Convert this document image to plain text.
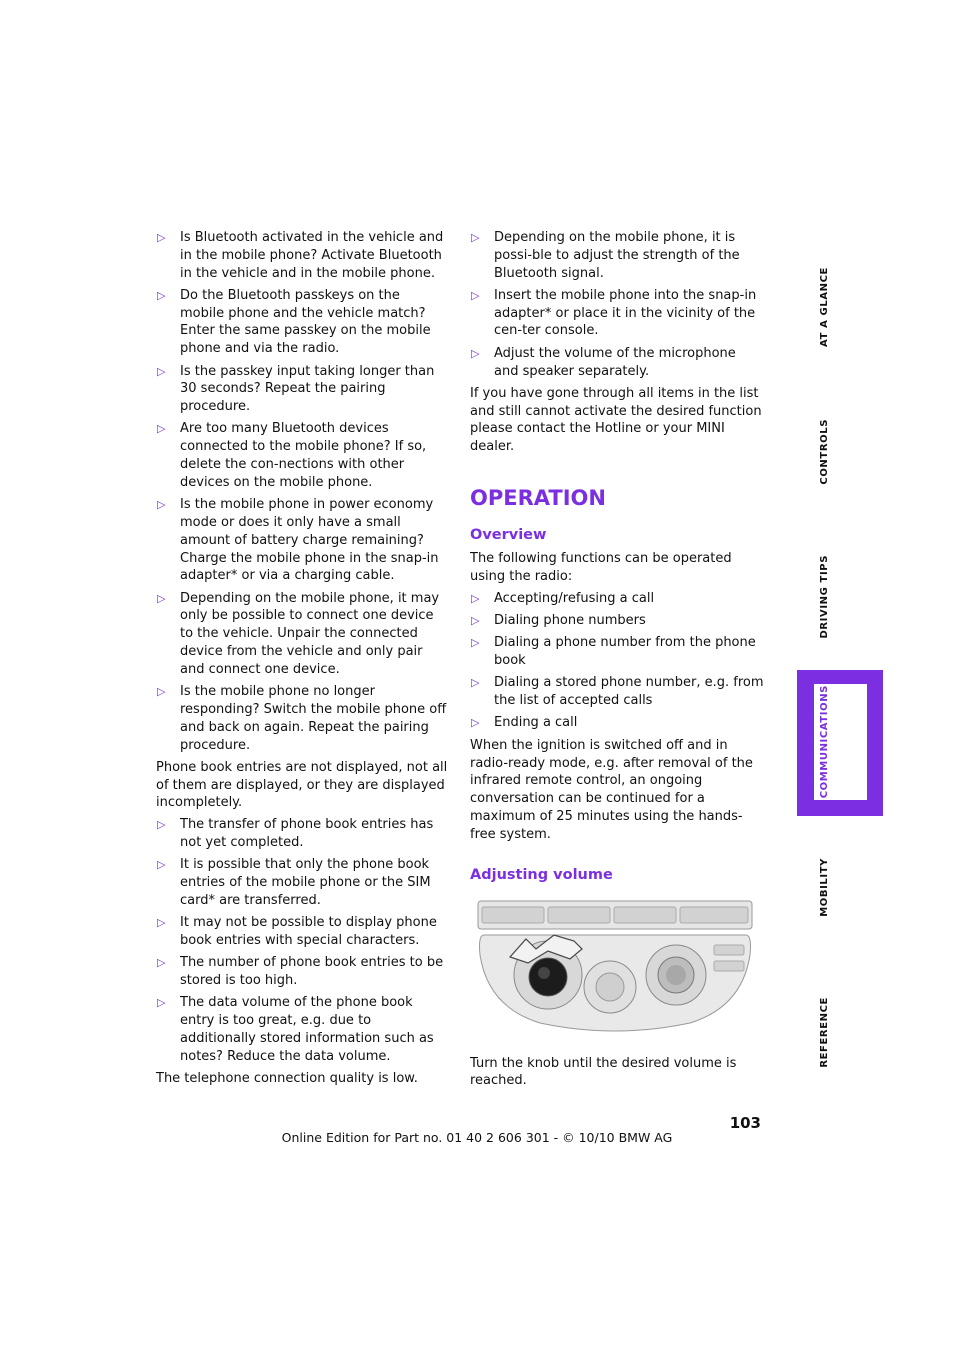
▷ Is Bluetooth activated in the vehicle and in the mobile phone? Activate Bluetooth in the vehicle and in the mobile phone.
▷ Do the Bluetooth passkeys on the mobile phone and the vehicle match? Enter the same passkey on the mobile phone and via the radio.
▷ Is the passkey input taking longer than 30 seconds? Repeat the pairing procedure.
▷ Are too many Bluetooth devices connected to the mobile phone? If so, delete the con-nections with other devices on the mobile phone.
▷ Is the mobile phone in power economy mode or does it only have a small amount of battery charge remaining? Charge the mobile phone in the snap-in adapter* or via a charging cable.
▷ Depending on the mobile phone, it may only be possible to connect one device to the vehicle. Unpair the connected device from the vehicle and only pair and connect one device.
▷ Is the mobile phone no longer responding? Switch the mobile phone off and back on again. Repeat the pairing procedure.

Phone book entries are not displayed, not all of them are displayed, or they are displayed incompletely.

▷ The transfer of phone book entries has not yet completed.
▷ It is possible that only the phone book entries of the mobile phone or the SIM card* are transferred.
▷ It may not be possible to display phone book entries with special characters.
▷ The number of phone book entries to be stored is too high.
▷ The data volume of the phone book entry is too great, e.g. due to additionally stored information such as notes? Reduce the data volume.

The telephone connection quality is low.

▷ Depending on the mobile phone, it is possi-ble to adjust the strength of the Bluetooth signal.
▷ Insert the mobile phone into the snap-in adapter* or place it in the vicinity of the cen-ter console.
▷ Adjust the volume of the microphone and speaker separately.

If you have gone through all items in the list and still cannot activate the desired function please contact the Hotline or your MINI dealer.

OPERATION
Overview

The following functions can be operated using the radio:

▷ Accepting/refusing a call
▷ Dialing phone numbers
▷ Dialing a phone number from the phone book
▷ Dialing a stored phone number, e.g. from the list of accepted calls
▷ Ending a call

When the ignition is switched off and in radio-ready mode, e.g. after removal of the infrared remote control, an ongoing conversation can be continued for a maximum of 25 minutes using the hands-free system.

Adjusting volume

Turn the knob until the desired volume is reached.

AT A GLANCE
CONTROLS
DRIVING TIPS
COMMUNICATIONS
MOBILITY
REFERENCE
103
Online Edition for Part no. 01 40 2 606 301 - © 10/10 BMW AG
